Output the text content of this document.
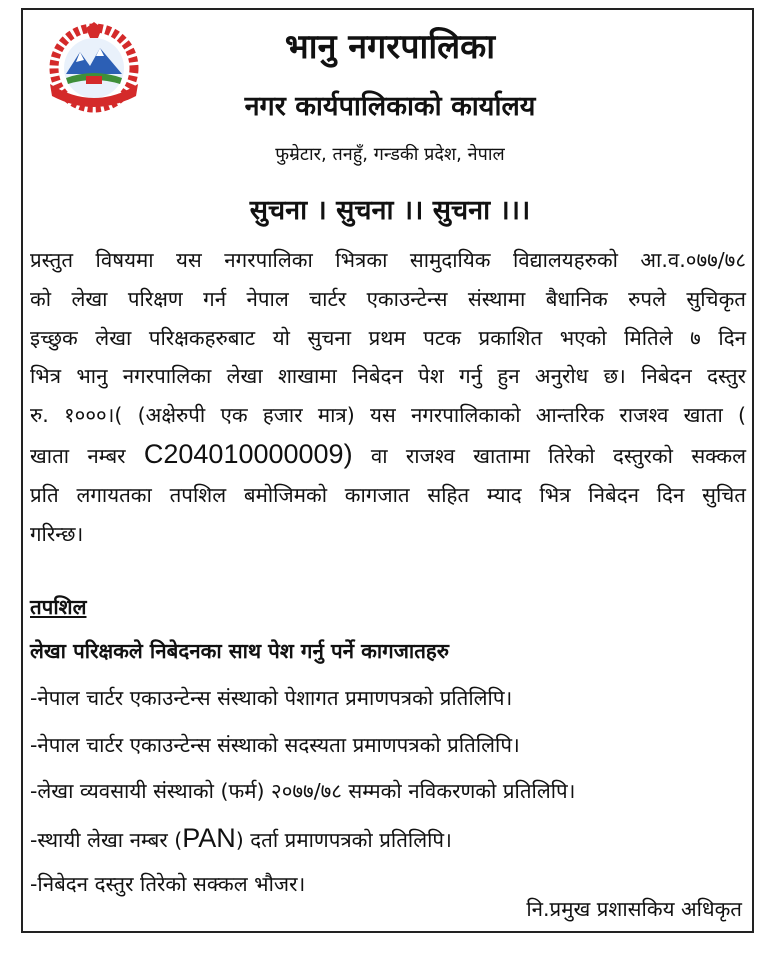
भानु नगरपालिका
नगर कार्यपालिकाको कार्यालय
फुम्रेटार, तनहुँ, गन्डकी प्रदेश, नेपाल
सुचना । सुचना ।। सुचना ।।।

प्रस्तुत विषयमा यस नगरपालिका भित्रका सामुदायिक विद्यालयहरुको आ.व.०७७/७८
को लेखा परिक्षण गर्न नेपाल चार्टर एकाउन्टेन्स संस्थामा बैधानिक रुपले सुचिकृत
इच्छुक लेखा परिक्षकहरुबाट यो सुचना प्रथम पटक प्रकाशित भएको मितिले ७ दिन
भित्र भानु नगरपालिका लेखा शाखामा निबेदन पेश गर्नु हुन अनुरोध छ। निबेदन दस्तुर
रु. १०००।( (अक्षेरुपी एक हजार मात्र) यस नगरपालिकाको आन्तरिक राजश्व खाता (
खाता नम्बर C204010000009) वा राजश्व खातामा तिरेको दस्तुरको सक्कल
प्रति लगायतका तपशिल बमोजिमको कागजात सहित म्याद भित्र निबेदन दिन सुचित
गरिन्छ।

तपशिल
लेखा परिक्षकले निबेदनका साथ पेश गर्नु पर्ने कागजातहरु
-नेपाल चार्टर एकाउन्टेन्स संस्थाको पेशागत प्रमाणपत्रको प्रतिलिपि।
-नेपाल चार्टर एकाउन्टेन्स संस्थाको सदस्यता प्रमाणपत्रको प्रतिलिपि।
-लेखा व्यवसायी संस्थाको (फर्म) २०७७/७८ सम्मको नविकरणको प्रतिलिपि।
-स्थायी लेखा नम्बर (PAN) दर्ता प्रमाणपत्रको प्रतिलिपि।
-निबेदन दस्तुर तिरेको सक्कल भौजर।
नि.प्रमुख प्रशासकिय अधिकृत
